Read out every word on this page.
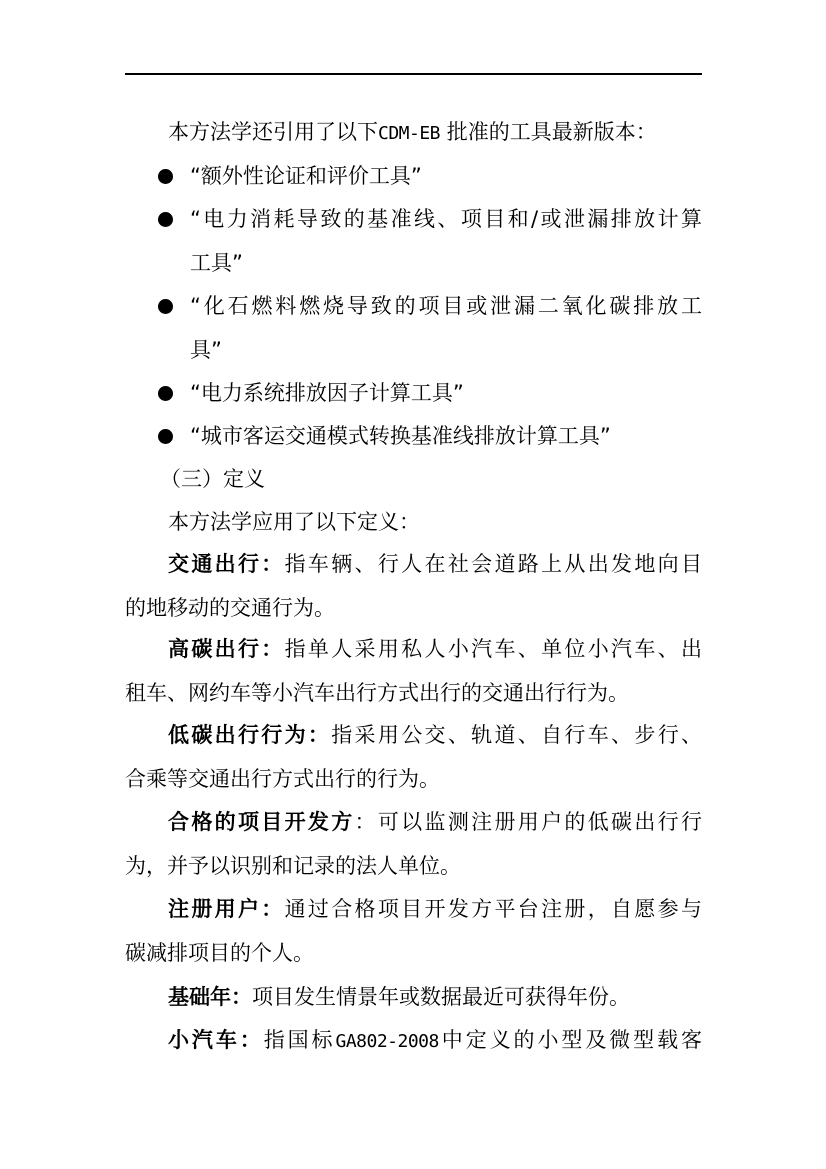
本方法学还引用了以下CDM-EB 批准的工具最新版本：
“额外性论证和评价工具”
“电力消耗导致的基准线、项目和/或泄漏排放计算
工具”
“化石燃料燃烧导致的项目或泄漏二氧化碳排放工
具”
“电力系统排放因子计算工具”
“城市客运交通模式转换基准线排放计算工具”
（三）定义
本方法学应用了以下定义：
交通出行：指车辆、行人在社会道路上从出发地向目
的地移动的交通行为。
高碳出行：指单人采用私人小汽车、单位小汽车、出
租车、网约车等小汽车出行方式出行的交通出行行为。
低碳出行行为：指采用公交、轨道、自行车、步行、
合乘等交通出行方式出行的行为。
合格的项目开发方：可以监测注册用户的低碳出行行
为，并予以识别和记录的法人单位。
注册用户：通过合格项目开发方平台注册，自愿参与
碳减排项目的个人。
基础年：项目发生情景年或数据最近可获得年份。
小汽车：指国标GA802-2008中定义的小型及微型载客
